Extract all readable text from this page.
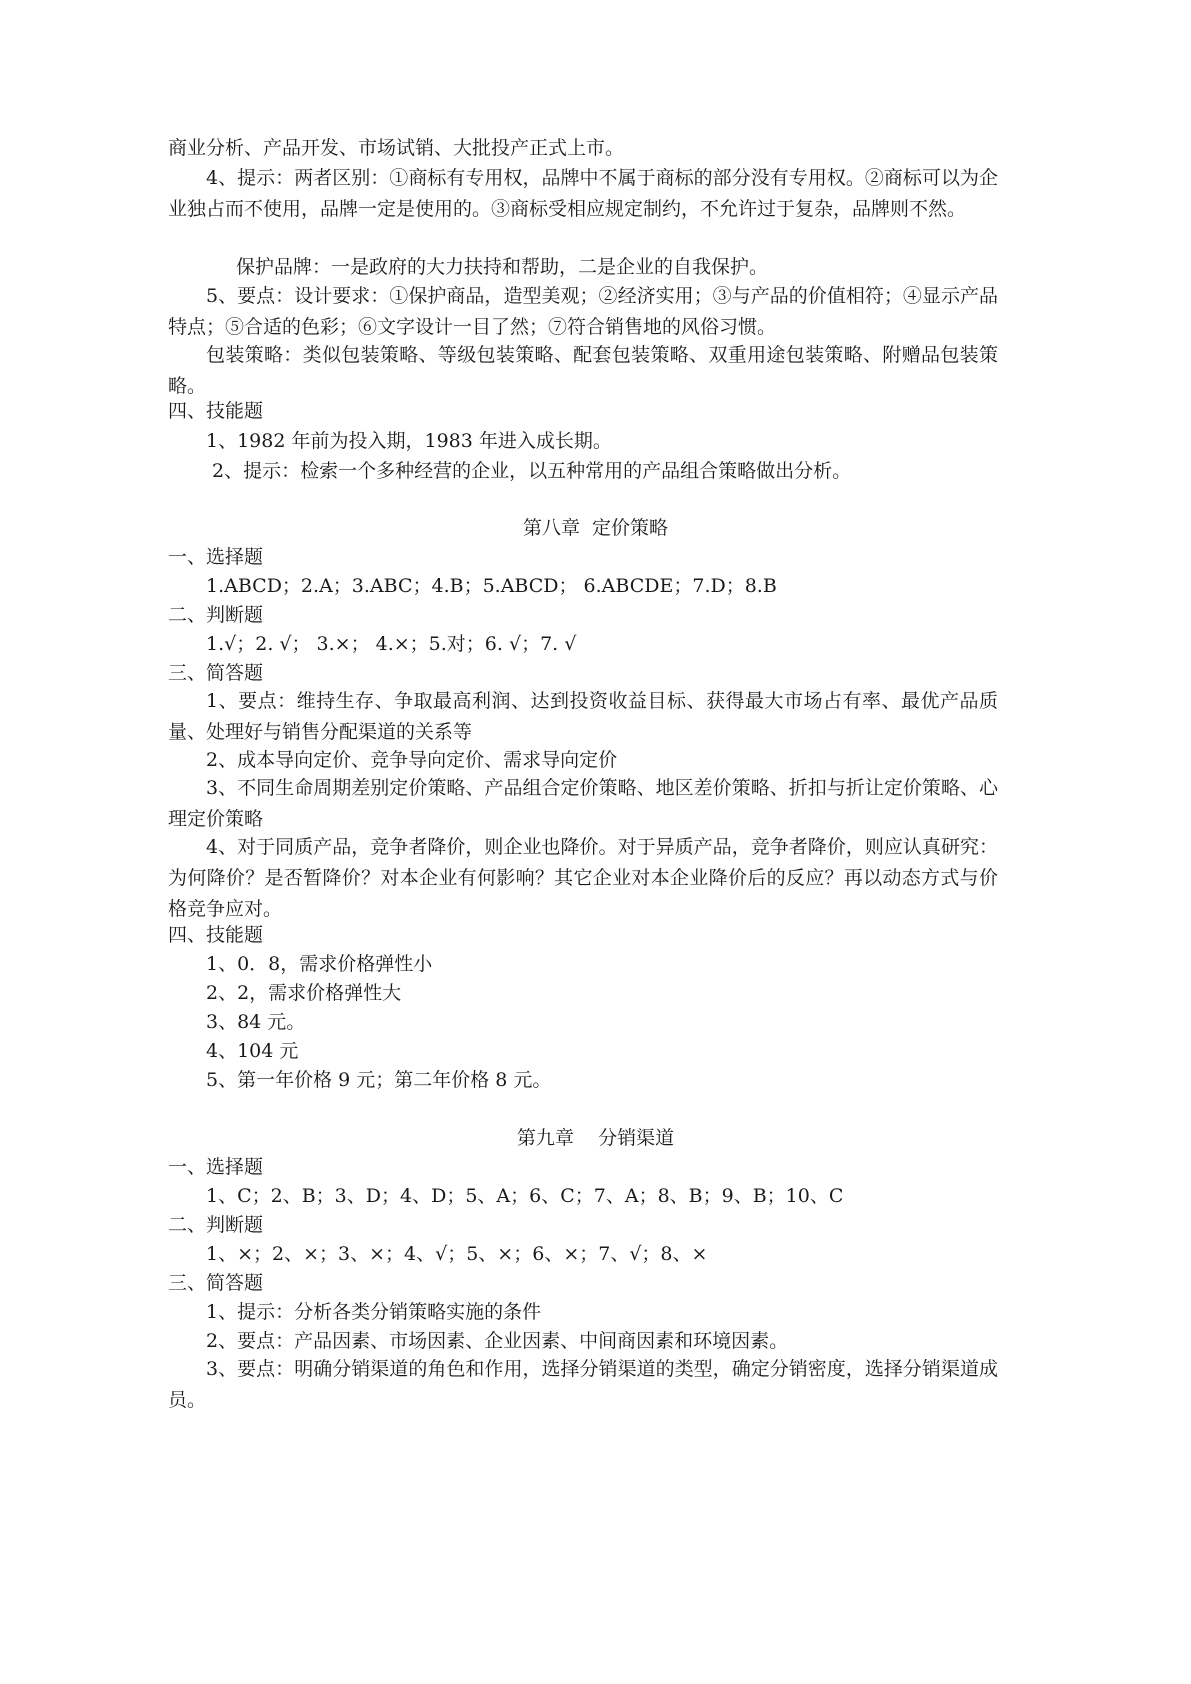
商业分析、产品开发、市场试销、大批投产正式上市。
4、提示：两者区别：①商标有专用权，品牌中不属于商标的部分没有专用权。②商标可以为企业独占而不使用，品牌一定是使用的。③商标受相应规定制约，不允许过于复杂，品牌则不然。
保护品牌：一是政府的大力扶持和帮助，二是企业的自我保护。
5、要点：设计要求：①保护商品，造型美观；②经济实用；③与产品的价值相符；④显示产品特点；⑤合适的色彩；⑥文字设计一目了然；⑦符合销售地的风俗习惯。
包装策略：类似包装策略、等级包装策略、配套包装策略、双重用途包装策略、附赠品包装策略。
四、技能题
1、1982 年前为投入期，1983 年进入成长期。
2、提示：检索一个多种经营的企业，以五种常用的产品组合策略做出分析。
第八章  定价策略
一、选择题
1.ABCD；2.A；3.ABC；4.B；5.ABCD； 6.ABCDE；7.D；8.B
二、判断题
1.√；2. √； 3.×； 4.×；5.对；6. √；7. √
三、简答题
1、要点：维持生存、争取最高利润、达到投资收益目标、获得最大市场占有率、最优产品质量、处理好与销售分配渠道的关系等
2、成本导向定价、竞争导向定价、需求导向定价
3、不同生命周期差别定价策略、产品组合定价策略、地区差价策略、折扣与折让定价策略、心理定价策略
4、对于同质产品，竞争者降价，则企业也降价。对于异质产品，竞争者降价，则应认真研究：为何降价？是否暂降价？对本企业有何影响？其它企业对本企业降价后的反应？再以动态方式与价格竞争应对。
四、技能题
1、0．8，需求价格弹性小
2、2，需求价格弹性大
3、84 元。
4、104 元
5、第一年价格 9 元；第二年价格 8 元。
第九章    分销渠道
一、选择题
1、C；2、B；3、D；4、D；5、A；6、C；7、A；8、B；9、B；10、C
二、判断题
1、×；2、×；3、×；4、√；5、×；6、×；7、√；8、×
三、简答题
1、提示：分析各类分销策略实施的条件
2、要点：产品因素、市场因素、企业因素、中间商因素和环境因素。
3、要点：明确分销渠道的角色和作用，选择分销渠道的类型，确定分销密度，选择分销渠道成员。
